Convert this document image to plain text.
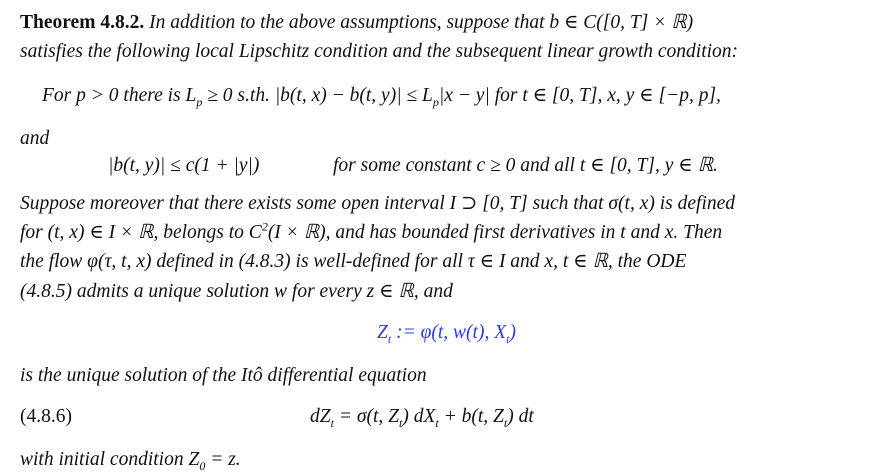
Theorem 4.8.2. In addition to the above assumptions, suppose that b ∈ C([0, T] × ℝ)
satisfies the following local Lipschitz condition and the subsequent linear growth condition:
For p > 0 there is $L_p \ge 0$ s.th. |b(t, x) − b(t, $y)| \le L_p|x - y|$ for t ∈ [0, T], x, y ∈ [−p, p],
and
|b(t, y)| ≤ c(1 + |y|)	for some constant c ≥ 0 and all t ∈ [0, T], y ∈ ℝ.
Suppose moreover that there exists some open interval I ⊃ [0, T] such that σ(t, x) is defined
for (t, x) ∈ I × ℝ, belongs to $C^2(I$ × ℝ), and has bounded first derivatives in t and x. Then
the flow φ(τ, t, x) defined in (4.8.3) is well-defined for all τ ∈ I and x, t ∈ ℝ, the ODE
(4.8.5) admits a unique solution w for every z ∈ ℝ, and
$Z_t$ := φ(t, w(t), $X_t$)
is the unique solution of the Itô differential equation
(4.8.6)	$dZ_t = \sigma(t$, $Z_t$) $dX_t + b(t$, $Z_t$) dt
with initial condition $Z_0 = z$.
